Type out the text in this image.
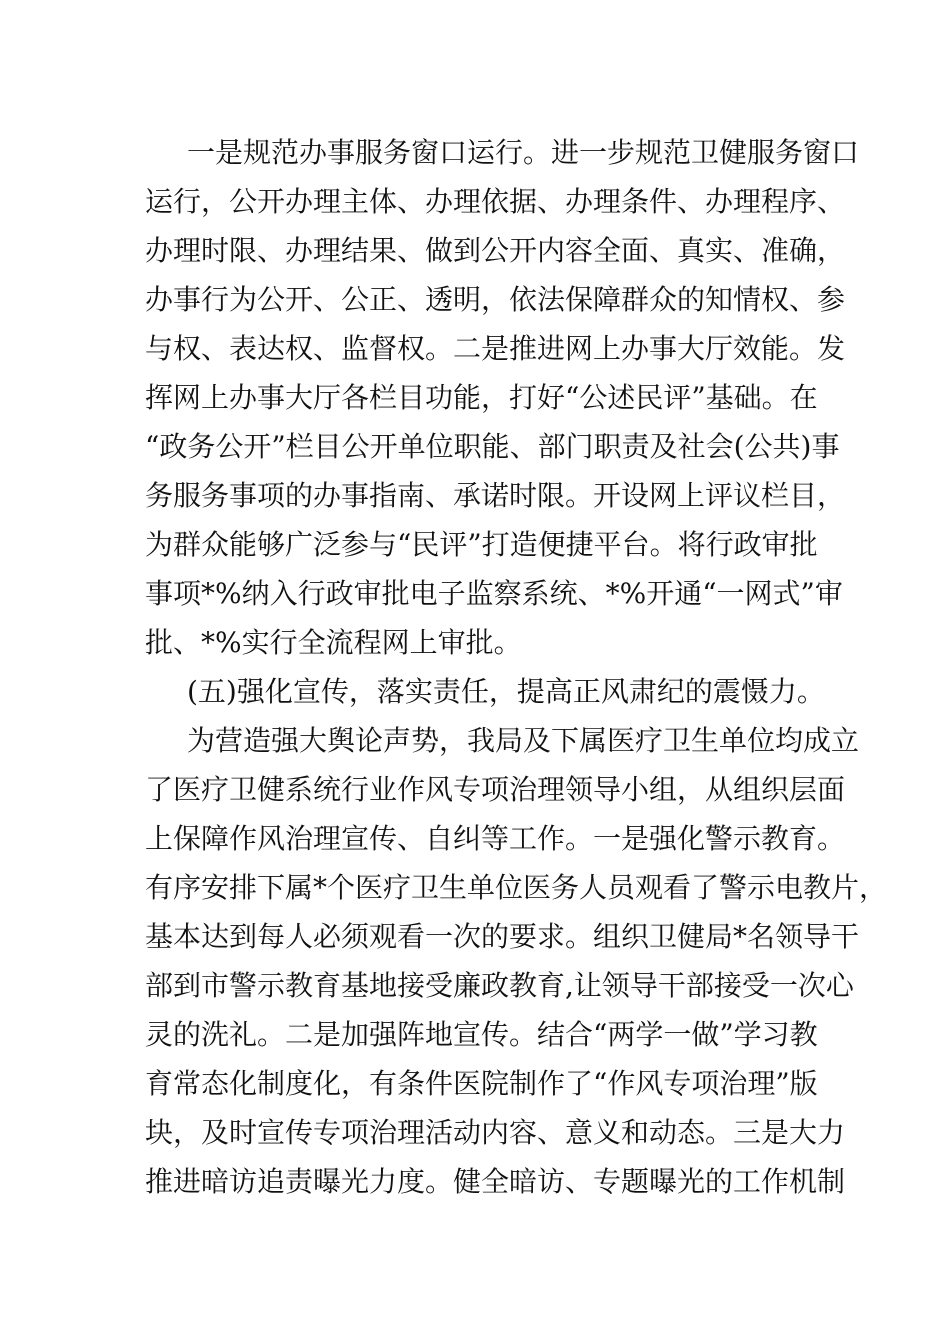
一是规范办事服务窗口运行。进一步规范卫健服务窗口
运行，公开办理主体、办理依据、办理条件、办理程序、
办理时限、办理结果、做到公开内容全面、真实、准确，
办事行为公开、公正、透明，依法保障群众的知情权、参
与权、表达权、监督权。二是推进网上办事大厅效能。发
挥网上办事大厅各栏目功能，打好“公述民评”基础。在
“政务公开”栏目公开单位职能、部门职责及社会(公共)事
务服务事项的办事指南、承诺时限。开设网上评议栏目，
为群众能够广泛参与“民评”打造便捷平台。将行政审批
事项*%纳入行政审批电子监察系统、*%开通“一网式”审
批、*%实行全流程网上审批。
(五)强化宣传，落实责任，提高正风肃纪的震慑力。
为营造强大舆论声势，我局及下属医疗卫生单位均成立
了医疗卫健系统行业作风专项治理领导小组，从组织层面
上保障作风治理宣传、自纠等工作。一是强化警示教育。
有序安排下属*个医疗卫生单位医务人员观看了警示电教片，
基本达到每人必须观看一次的要求。组织卫健局*名领导干
部到市警示教育基地接受廉政教育,让领导干部接受一次心
灵的洗礼。二是加强阵地宣传。结合“两学一做”学习教
育常态化制度化，有条件医院制作了“作风专项治理”版
块，及时宣传专项治理活动内容、意义和动态。三是大力
推进暗访追责曝光力度。健全暗访、专题曝光的工作机制
